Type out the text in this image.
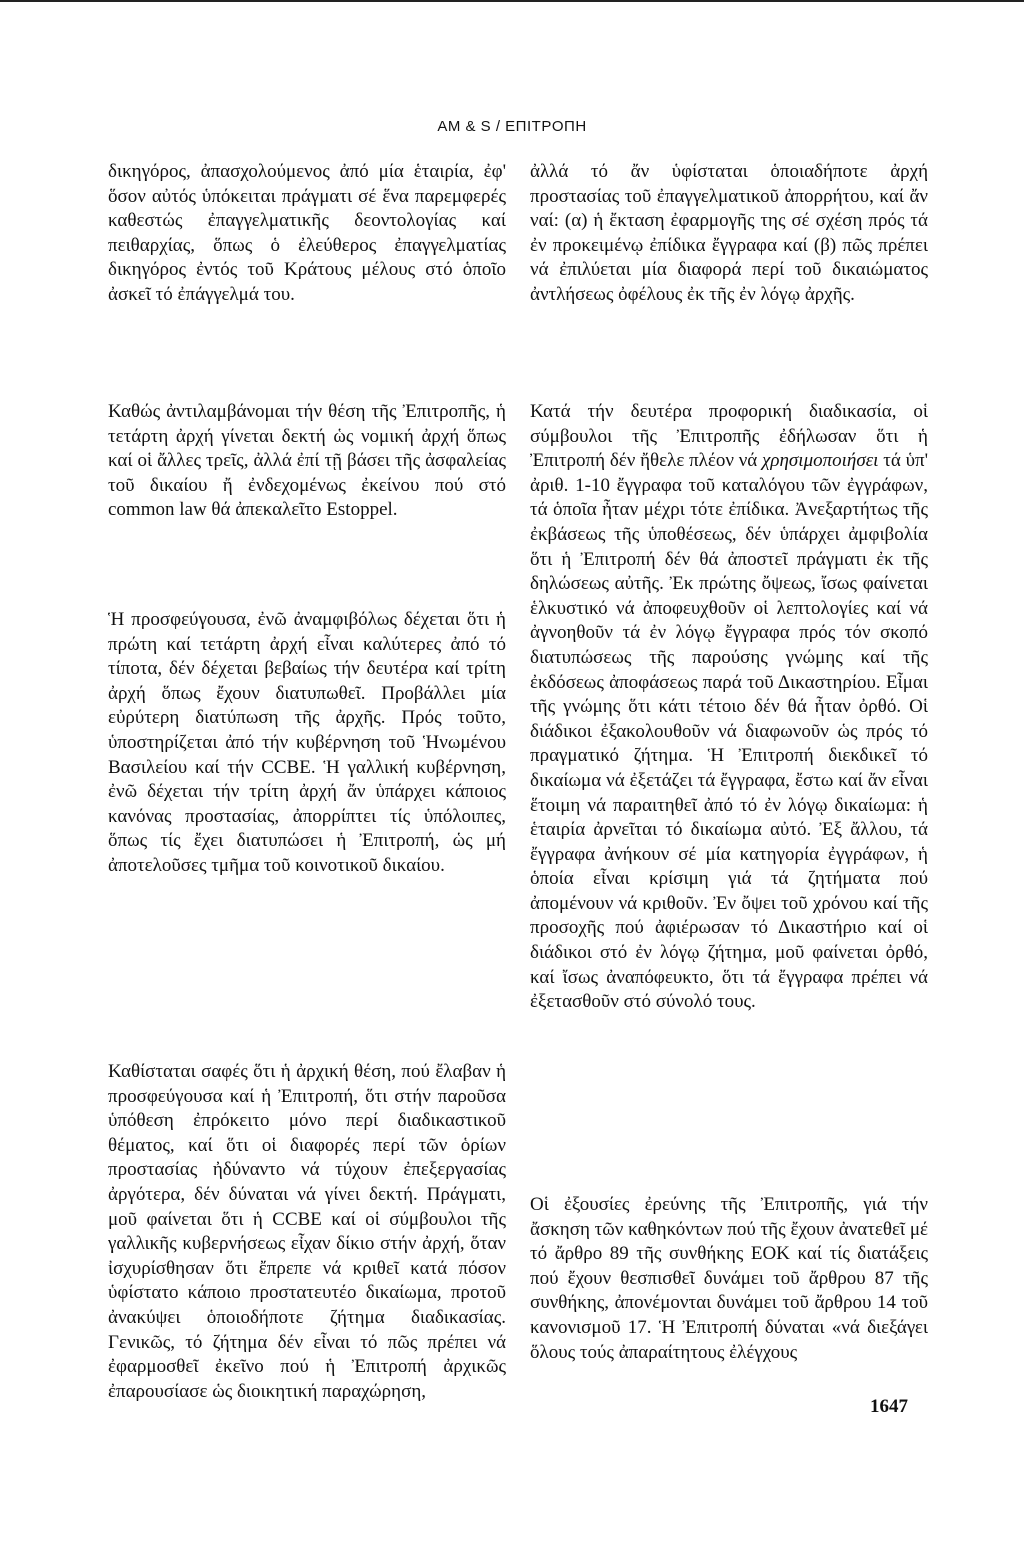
AM & S / ΕΠΙΤΡΟΠΗ

δικηγόρος, ἀπασχολούμενος ἀπό μία ἑταιρία, ἐφ' ὅσον αὐτός ὑπόκειται πράγματι σέ ἕνα παρεμφερές καθεστώς ἐπαγγελματικῆς δεοντολογίας καί πειθαρχίας, ὅπως ὁ ἐλεύθερος ἐπαγγελματίας δικηγόρος ἐντός τοῦ Κράτους μέλους στό ὁποῖο ἀσκεῖ τό ἐπάγγελμά του.

Καθώς ἀντιλαμβάνομαι τήν θέση τῆς Ἐπιτροπῆς, ἡ τετάρτη ἀρχή γίνεται δεκτή ὡς νομική ἀρχή ὅπως καί οἱ ἄλλες τρεῖς, ἀλλά ἐπί τῇ βάσει τῆς ἀσφαλείας τοῦ δικαίου ἤ ἐνδεχομένως ἐκείνου πού στό common law θά ἀπεκαλεῖτο Estoppel.

Ἡ προσφεύγουσα, ἐνῶ ἀναμφιβόλως δέχεται ὅτι ἡ πρώτη καί τετάρτη ἀρχή εἶναι καλύτερες ἀπό τό τίποτα, δέν δέχεται βεβαίως τήν δευτέρα καί τρίτη ἀρχή ὅπως ἔχουν διατυπωθεῖ. Προβάλλει μία εὐρύτερη διατύπωση τῆς ἀρχῆς. Πρός τοῦτο, ὑποστηρίζεται ἀπό τήν κυβέρνηση τοῦ Ἡνωμένου Βασιλείου καί τήν CCBE. Ἡ γαλλική κυβέρνηση, ἐνῶ δέχεται τήν τρίτη ἀρχή ἄν ὑπάρχει κάποιος κανόνας προστασίας, ἀπορρίπτει τίς ὑπόλοιπες, ὅπως τίς ἔχει διατυπώσει ἡ Ἐπιτροπή, ὡς μή ἀποτελοῦσες τμῆμα τοῦ κοινοτικοῦ δικαίου.

Καθίσταται σαφές ὅτι ἡ ἀρχική θέση, πού ἔλαβαν ἡ προσφεύγουσα καί ἡ Ἐπιτροπή, ὅτι στήν παροῦσα ὑπόθεση ἐπρόκειτο μόνο περί διαδικαστικοῦ θέματος, καί ὅτι οἱ διαφορές περί τῶν ὁρίων προστασίας ἠδύναντο νά τύχουν ἐπεξεργασίας ἀργότερα, δέν δύναται νά γίνει δεκτή. Πράγματι, μοῦ φαίνεται ὅτι ἡ CCBE καί οἱ σύμβουλοι τῆς γαλλικῆς κυβερνήσεως εἶχαν δίκιο στήν ἀρχή, ὅταν ἰσχυρίσθησαν ὅτι ἔπρεπε νά κριθεῖ κατά πόσον ὑφίστατο κάποιο προστατευτέο δικαίωμα, προτοῦ ἀνακύψει ὁποιοδήποτε ζήτημα διαδικασίας. Γενικῶς, τό ζήτημα δέν εἶναι τό πῶς πρέπει νά ἐφαρμοσθεῖ ἐκεῖνο πού ἡ Ἐπιτροπή ἀρχικῶς ἐπαρουσίασε ὡς διοικητική παραχώρηση,

ἀλλά τό ἄν ὑφίσταται ὁποιαδήποτε ἀρχή προστασίας τοῦ ἐπαγγελματικοῦ ἀπορρήτου, καί ἄν ναί: (α) ἡ ἔκταση ἐφαρμογῆς της σέ σχέση πρός τά ἐν προκειμένῳ ἐπίδικα ἔγγραφα καί (β) πῶς πρέπει νά ἐπιλύεται μία διαφορά περί τοῦ δικαιώματος ἀντλήσεως ὀφέλους ἐκ τῆς ἐν λόγῳ ἀρχῆς.

Κατά τήν δευτέρα προφορική διαδικασία, οἱ σύμβουλοι τῆς Ἐπιτροπῆς ἐδήλωσαν ὅτι ἡ Ἐπιτροπή δέν ἤθελε πλέον νά χρησιμοποιήσει τά ὑπ' ἀριθ. 1-10 ἔγγραφα τοῦ καταλόγου τῶν ἐγγράφων, τά ὁποῖα ἦταν μέχρι τότε ἐπίδικα. Ἀνεξαρτήτως τῆς ἐκβάσεως τῆς ὑποθέσεως, δέν ὑπάρχει ἀμφιβολία ὅτι ἡ Ἐπιτροπή δέν θά ἀποστεῖ πράγματι ἐκ τῆς δηλώσεως αὐτῆς. Ἐκ πρώτης ὄψεως, ἴσως φαίνεται ἑλκυστικό νά ἀποφευχθοῦν οἱ λεπτολογίες καί νά ἀγνοηθοῦν τά ἐν λόγῳ ἔγγραφα πρός τόν σκοπό διατυπώσεως τῆς παρούσης γνώμης καί τῆς ἐκδόσεως ἀποφάσεως παρά τοῦ Δικαστηρίου. Εἶμαι τῆς γνώμης ὅτι κάτι τέτοιο δέν θά ἦταν ὀρθό. Οἱ διάδικοι ἐξακολουθοῦν νά διαφωνοῦν ὡς πρός τό πραγματικό ζήτημα. Ἡ Ἐπιτροπή διεκδικεῖ τό δικαίωμα νά ἐξετάζει τά ἔγγραφα, ἔστω καί ἄν εἶναι ἕτοιμη νά παραιτηθεῖ ἀπό τό ἐν λόγῳ δικαίωμα: ἡ ἑταιρία ἀρνεῖται τό δικαίωμα αὐτό. Ἐξ ἄλλου, τά ἔγγραφα ἀνήκουν σέ μία κατηγορία ἐγγράφων, ἡ ὁποία εἶναι κρίσιμη γιά τά ζητήματα πού ἀπομένουν νά κριθοῦν. Ἐν ὄψει τοῦ χρόνου καί τῆς προσοχῆς πού ἀφιέρωσαν τό Δικαστήριο καί οἱ διάδικοι στό ἐν λόγῳ ζήτημα, μοῦ φαίνεται ὀρθό, καί ἴσως ἀναπόφευκτο, ὅτι τά ἔγγραφα πρέπει νά ἐξετασθοῦν στό σύνολό τους.

Οἱ ἐξουσίες ἐρεύνης τῆς Ἐπιτροπῆς, γιά τήν ἄσκηση τῶν καθηκόντων πού τῆς ἔχουν ἀνατεθεῖ μέ τό ἄρθρο 89 τῆς συνθήκης ΕΟΚ καί τίς διατάξεις πού ἔχουν θεσπισθεῖ δυνάμει τοῦ ἄρθρου 87 τῆς συνθήκης, ἀπονέμονται δυνάμει τοῦ ἄρθρου 14 τοῦ κανονισμοῦ 17. Ἡ Ἐπιτροπή δύναται «νά διεξάγει ὅλους τούς ἀπαραίτητους ἐλέγχους

1647
